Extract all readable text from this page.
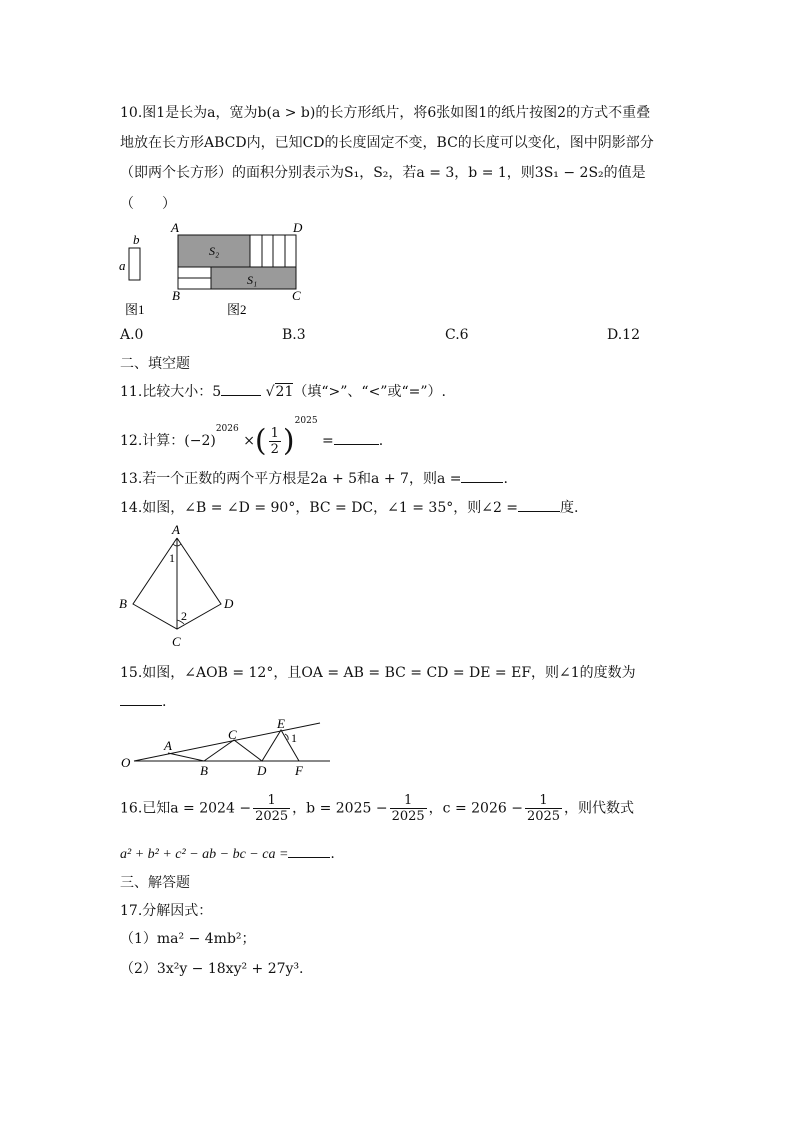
10.图1是长为a，宽为b(a > b)的长方形纸片，将6张如图1的纸片按图2的方式不重叠
地放在长方形ABCD内，已知CD的长度固定不变，BC的长度可以变化，图中阴影部分
（即两个长方形）的面积分别表示为S₁，S₂，若a = 3，b = 1，则3S₁ − 2S₂的值是
（　　）
b
a
图1
A	D
B	C
S₂
S₁
图2
A.0	B.3	C.6	D.12
二、填空题
11.比较大小：5	√21（填“>”、“<”或“=”）.
12.计算：$(-2)^{2026}$ ×( $\frac{1}{2} )^{2025}$ =	.
13.若一个正数的两个平方根是2a + 5和a + 7，则a =	.
14.如图，∠B = ∠D = 90°，BC = DC，∠1 = 35°，则∠2 =	度.
A
B
C
D
1
2
15.如图，∠AOB = 12°，且OA = AB = BC = CD = DE = EF，则∠1的度数为
.
O
A
B
C
D
E
F
1
16.已知$a = 2024 - \frac{1}{2025}$ ，$b = 2025 - \frac{1}{2025}$ ，$c = 2026 - \frac{1}{2025}$ ，则代数式
a² + b² + c² − ab − bc − ca =	.
三、解答题
17.分解因式：
（1）ma² − 4mb²；
（2）3x²y − 18xy² + 27y³.
